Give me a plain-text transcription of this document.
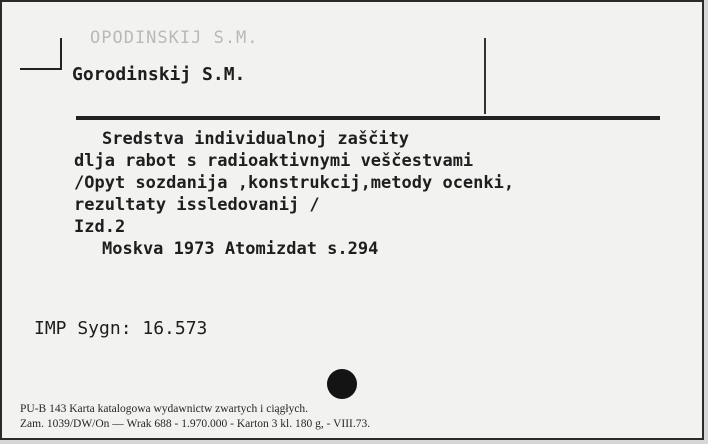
OPODINSKIJ S.M.
Gorodinskij S.M.
Sredstva individualnoj zaščity
dlja rabot s radioaktivnymi veščestvami
/Opyt sozdanija ,konstrukcij,metody ocenki,
rezultaty issledovanij /
Izd.2
Moskva 1973 Atomizdat s.294
IMP Sygn: 16.573
PU-B 143 Karta katalogowa wydawnictw zwartych i ciągłych.
Zam. 1039/DW/On — Wrak 688 - 1.970.000 - Karton 3 kl. 180 g, - VIII.73.
